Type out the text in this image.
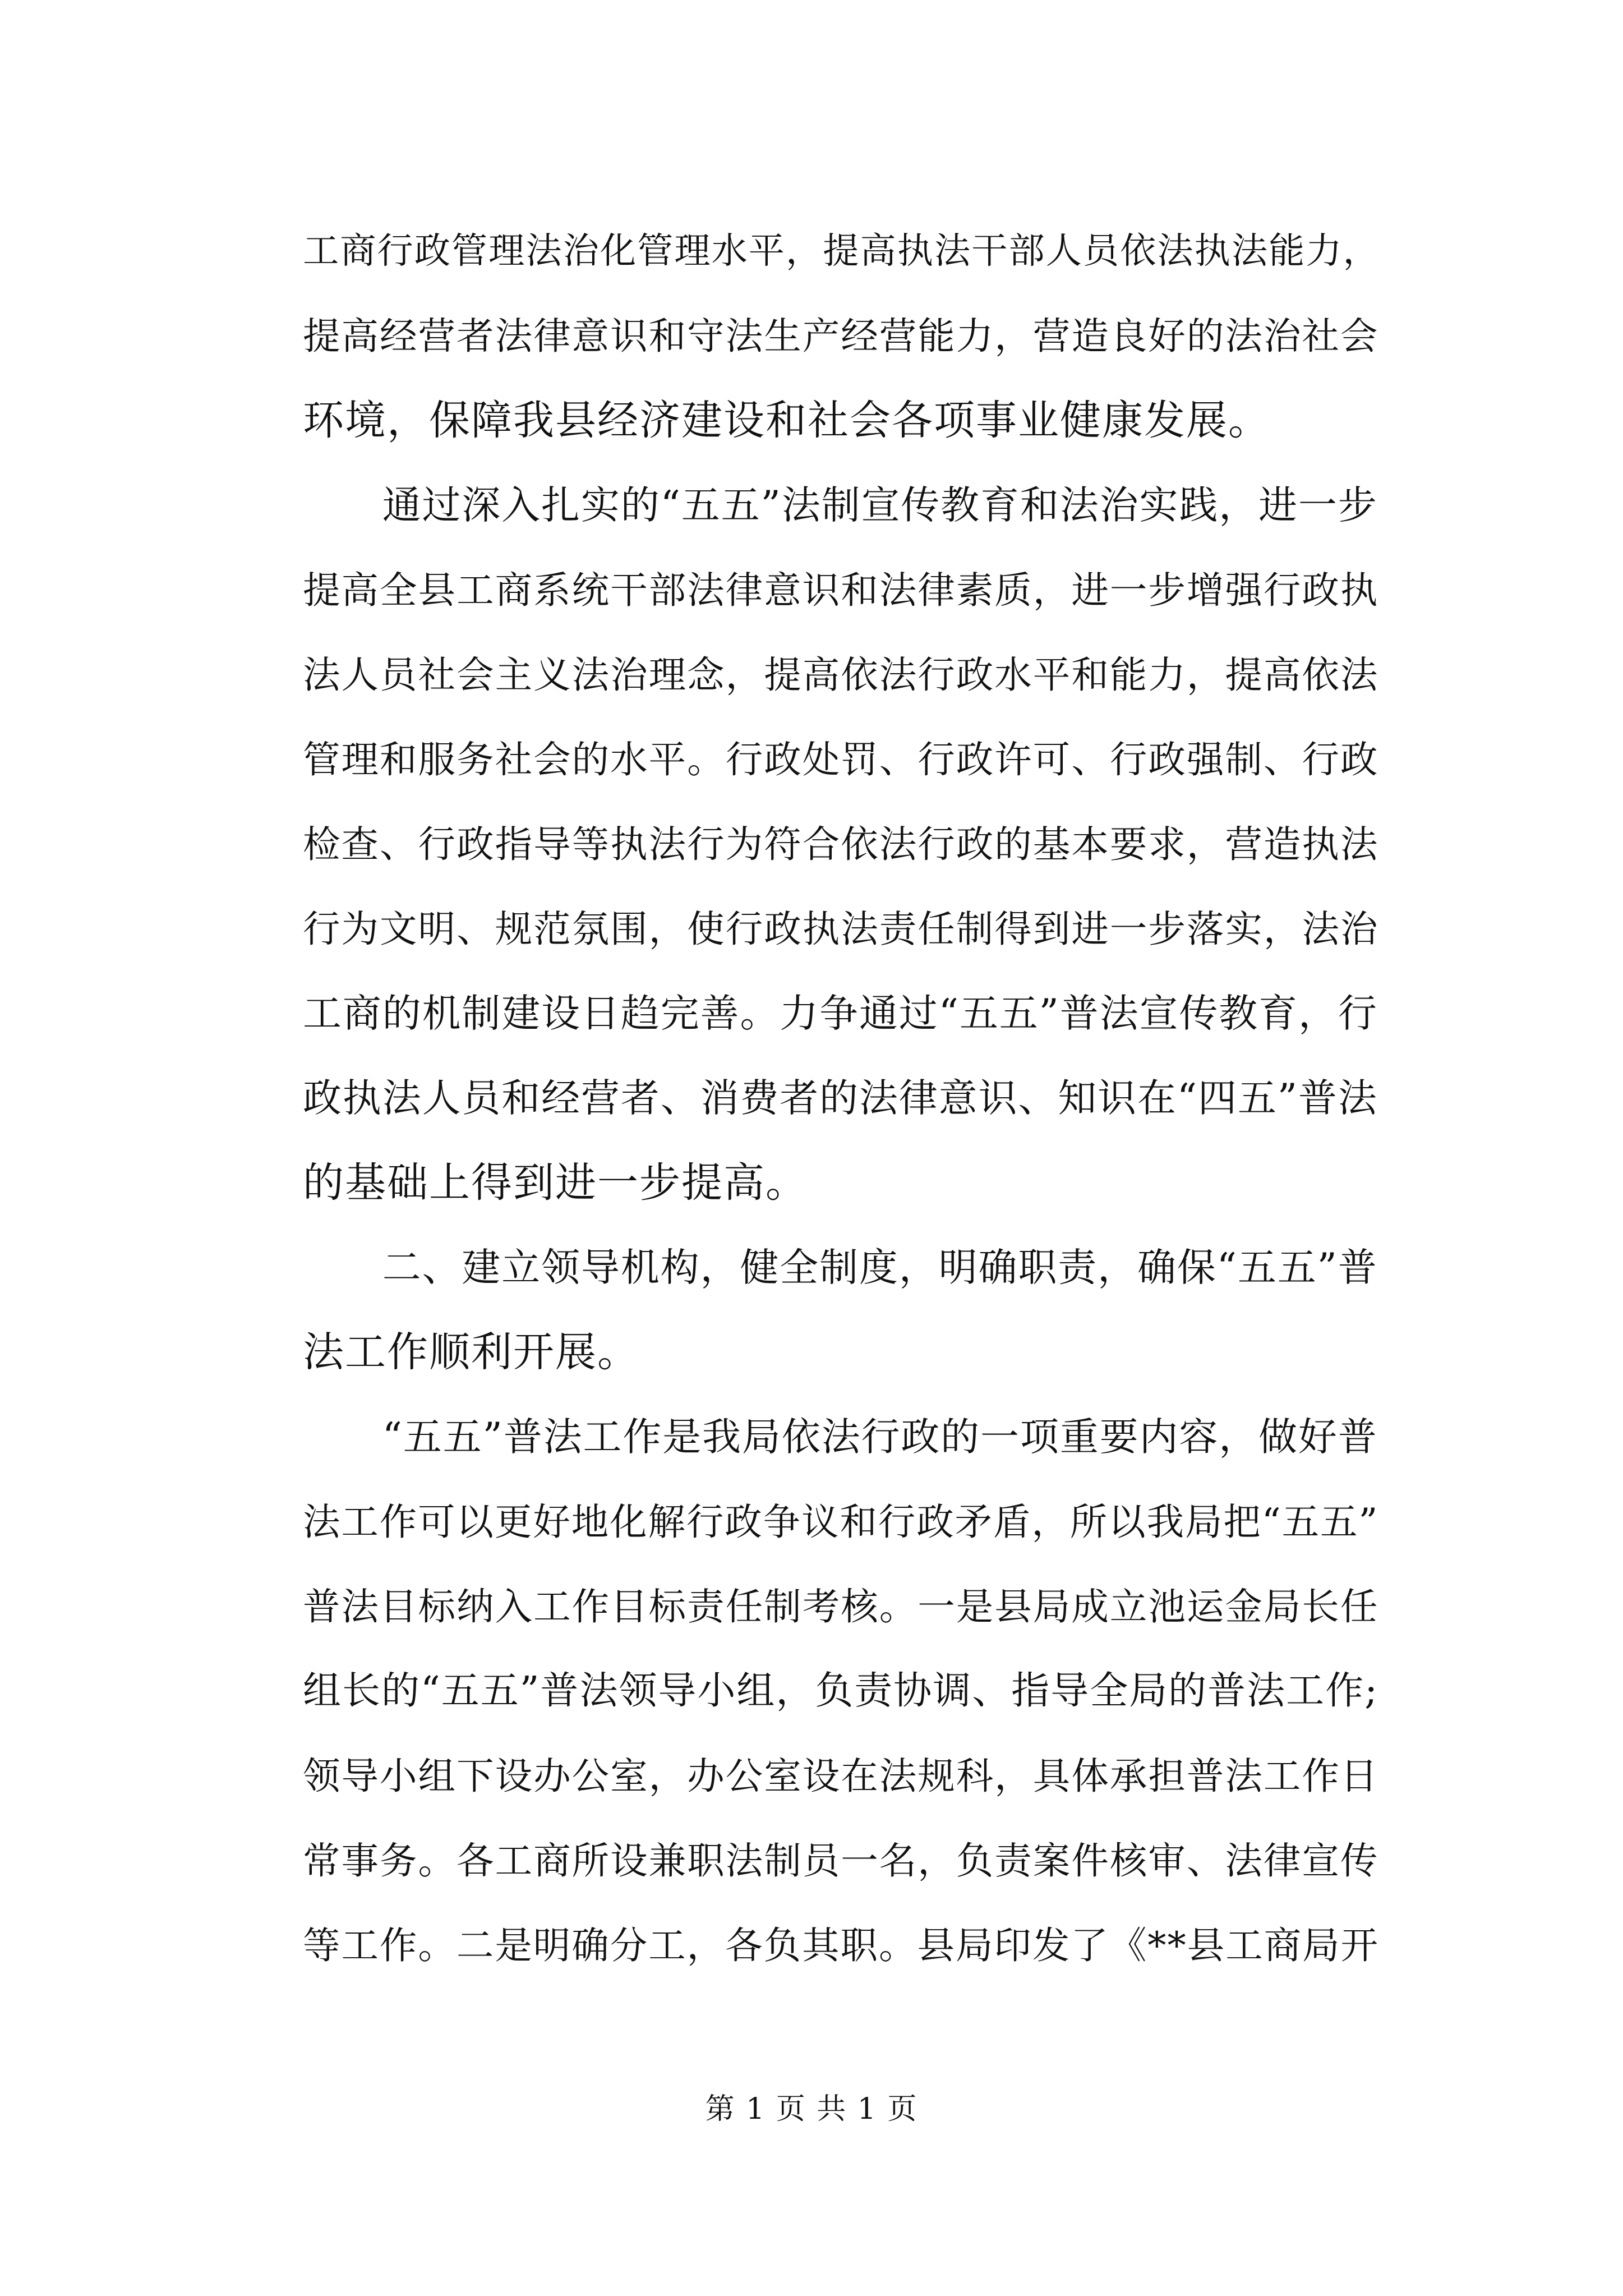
工商行政管理法治化管理水平，提高执法干部人员依法执法能力，
提高经营者法律意识和守法生产经营能力，营造良好的法治社会
环境，保障我县经济建设和社会各项事业健康发展。
　　通过深入扎实的“五五”法制宣传教育和法治实践，进一步
提高全县工商系统干部法律意识和法律素质，进一步增强行政执
法人员社会主义法治理念，提高依法行政水平和能力，提高依法
管理和服务社会的水平。行政处罚、行政许可、行政强制、行政
检查、行政指导等执法行为符合依法行政的基本要求，营造执法
行为文明、规范氛围，使行政执法责任制得到进一步落实，法治
工商的机制建设日趋完善。力争通过“五五”普法宣传教育，行
政执法人员和经营者、消费者的法律意识、知识在“四五”普法
的基础上得到进一步提高。
　　二、建立领导机构，健全制度，明确职责，确保“五五”普
法工作顺利开展。
　　“五五”普法工作是我局依法行政的一项重要内容，做好普
法工作可以更好地化解行政争议和行政矛盾，所以我局把“五五”
普法目标纳入工作目标责任制考核。一是县局成立池运金局长任
组长的“五五”普法领导小组，负责协调、指导全局的普法工作;
领导小组下设办公室，办公室设在法规科，具体承担普法工作日
常事务。各工商所设兼职法制员一名，负责案件核审、法律宣传
等工作。二是明确分工，各负其职。县局印发了《**县工商局开
第 1 页 共 1 页
